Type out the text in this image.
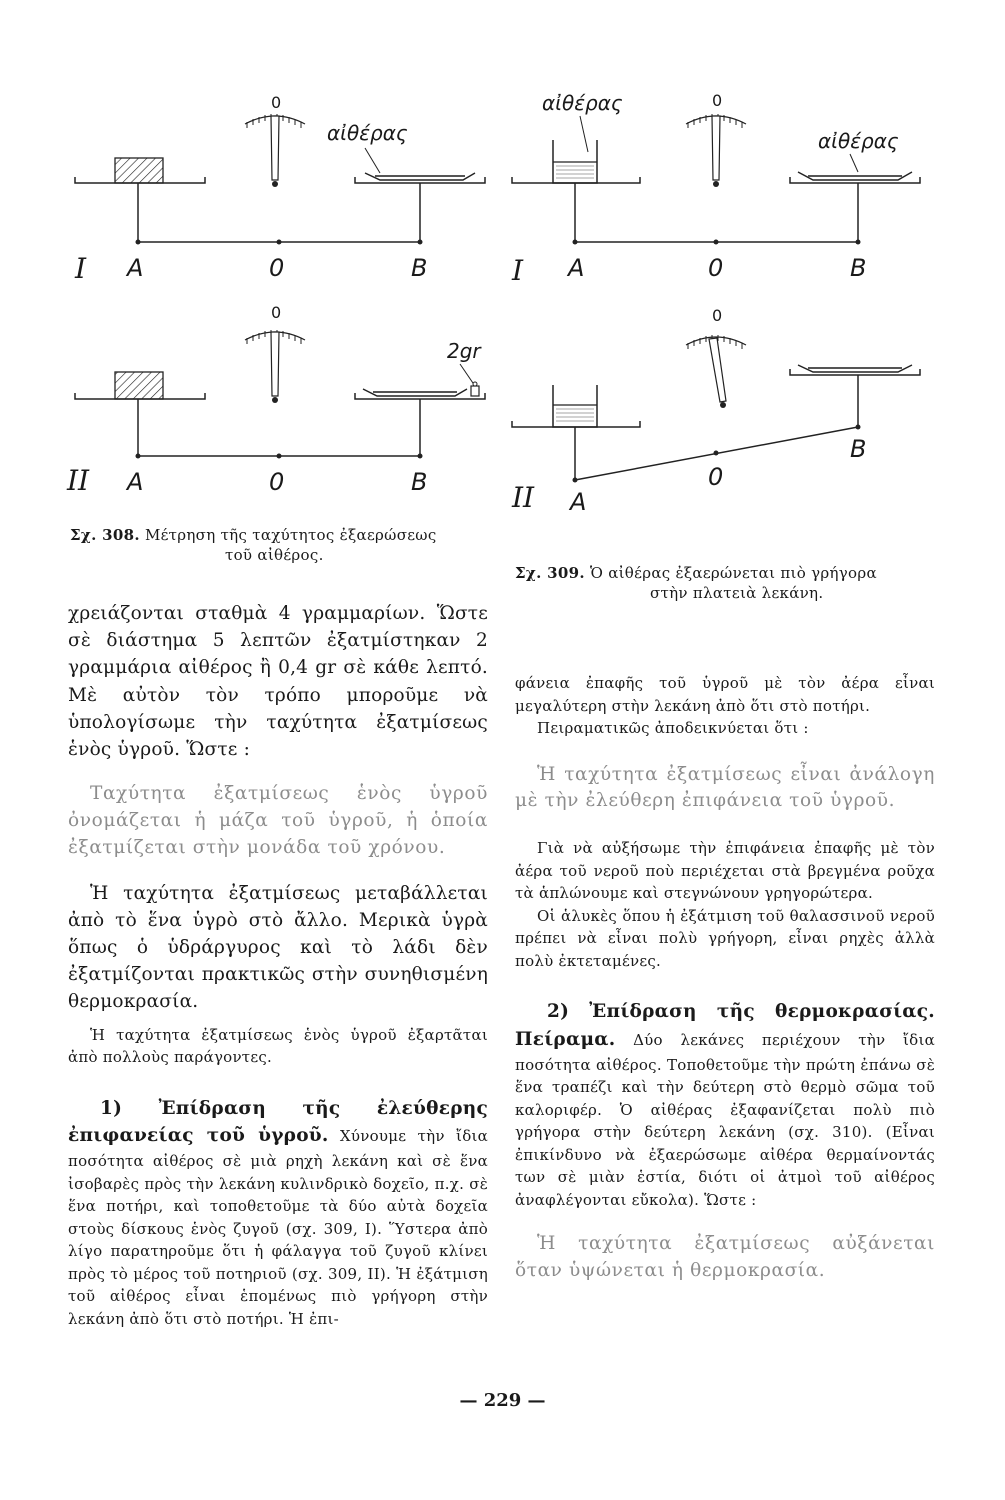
0
αἰθέρας
I A	0	B
0
2gr
II A	0	B
αἰθέρας	0
αἰθέρας
I A	0	B
0
II A
0
B
Σχ. 308. Μέτρηση τῆς ταχύτητος ἐξαερώσεως
τοῦ αἰθέρος.
Σχ. 309. Ὁ αἰθέρας ἐξαερώνεται πιὸ γρήγορα
στὴν πλατειὰ λεκάνη.

χρειάζονται σταθμὰ 4 γραμμαρίων. Ὥστε σὲ διάστημα 5 λεπτῶν ἐξατμίστηκαν 2 γραμμάρια αἰθέρος ἢ 0,4 gr σὲ κάθε λεπτό. Μὲ αὐτὸν τὸν τρόπο μποροῦμε νὰ ὑπολογίσωμε τὴν ταχύτητα ἐξατμίσεως ἑνὸς ὑγροῦ. Ὥστε :

Ταχύτητα ἐξατμίσεως ἑνὸς ὑγροῦ ὀνομάζεται ἡ μάζα τοῦ ὑγροῦ, ἡ ὁποία ἐξατμίζεται στὴν μονάδα τοῦ χρόνου.

Ἡ ταχύτητα ἐξατμίσεως μεταβάλλεται ἀπὸ τὸ ἕνα ὑγρὸ στὸ ἄλλο. Μερικὰ ὑγρὰ ὅπως ὁ ὑδράργυρος καὶ τὸ λάδι δὲν ἐξατμίζονται πρακτικῶς στὴν συνηθισμένη θερμοκρασία.

Ἡ ταχύτητα ἐξατμίσεως ἑνὸς ὑγροῦ ἐξαρτᾶται ἀπὸ πολλοὺς παράγοντες.

1) Ἐπίδραση τῆς ἐλεύθερης ἐπιφανείας τοῦ ὑγροῦ. Χύνουμε τὴν ἴδια ποσότητα αἰθέρος σὲ μιὰ ρηχὴ λεκάνη καὶ σὲ ἕνα ἰσοβαρὲς πρὸς τὴν λεκάνη κυλινδρικὸ δοχεῖο, π.χ. σὲ ἕνα ποτήρι, καὶ τοποθετοῦμε τὰ δύο αὐτὰ δοχεῖα στοὺς δίσκους ἑνὸς ζυγοῦ (σχ. 309, I). Ὕστερα ἀπὸ λίγο παρατηροῦμε ὅτι ἡ φάλαγγα τοῦ ζυγοῦ κλίνει πρὸς τὸ μέρος τοῦ ποτηριοῦ (σχ. 309, II). Ἡ ἐξάτμιση τοῦ αἰθέρος εἶναι ἑπομένως πιὸ γρήγορη στὴν λεκάνη ἀπὸ ὅτι στὸ ποτήρι. Ἡ ἐπι-

φάνεια ἐπαφῆς τοῦ ὑγροῦ μὲ τὸν ἀέρα εἶναι μεγαλύτερη στὴν λεκάνη ἀπὸ ὅτι στὸ ποτήρι.

Πειραματικῶς ἀποδεικνύεται ὅτι :

Ἡ ταχύτητα ἐξατμίσεως εἶναι ἀνάλογη μὲ τὴν ἐλεύθερη ἐπιφάνεια τοῦ ὑγροῦ.

Γιὰ νὰ αὐξήσωμε τὴν ἐπιφάνεια ἐπαφῆς μὲ τὸν ἀέρα τοῦ νεροῦ ποὺ περιέχεται στὰ βρεγμένα ροῦχα τὰ ἁπλώνουμε καὶ στεγνώνουν γρηγορώτερα.

Οἱ ἁλυκὲς ὅπου ἡ ἐξάτμιση τοῦ θαλασσινοῦ νεροῦ πρέπει νὰ εἶναι πολὺ γρήγορη, εἶναι ρηχὲς ἀλλὰ πολὺ ἐκτεταμένες.

2) Ἐπίδραση τῆς θερμοκρασίας. Πείραμα. Δύο λεκάνες περιέχουν τὴν ἴδια ποσότητα αἰθέρος. Τοποθετοῦμε τὴν πρώτη ἐπάνω σὲ ἕνα τραπέζι καὶ τὴν δεύτερη στὸ θερμὸ σῶμα τοῦ καλοριφέρ. Ὁ αἰθέρας ἐξαφανίζεται πολὺ πιὸ γρήγορα στὴν δεύτερη λεκάνη (σχ. 310). (Εἶναι ἐπικίνδυνο νὰ ἐξαερώσωμε αἰθέρα θερμαίνοντάς των σὲ μιὰν ἑστία, διότι οἱ ἀτμοὶ τοῦ αἰθέρος ἀναφλέγονται εὔκολα). Ὥστε :

Ἡ ταχύτητα ἐξατμίσεως αὐξάνεται ὅταν ὑψώνεται ἡ θερμοκρασία.

— 229 —
